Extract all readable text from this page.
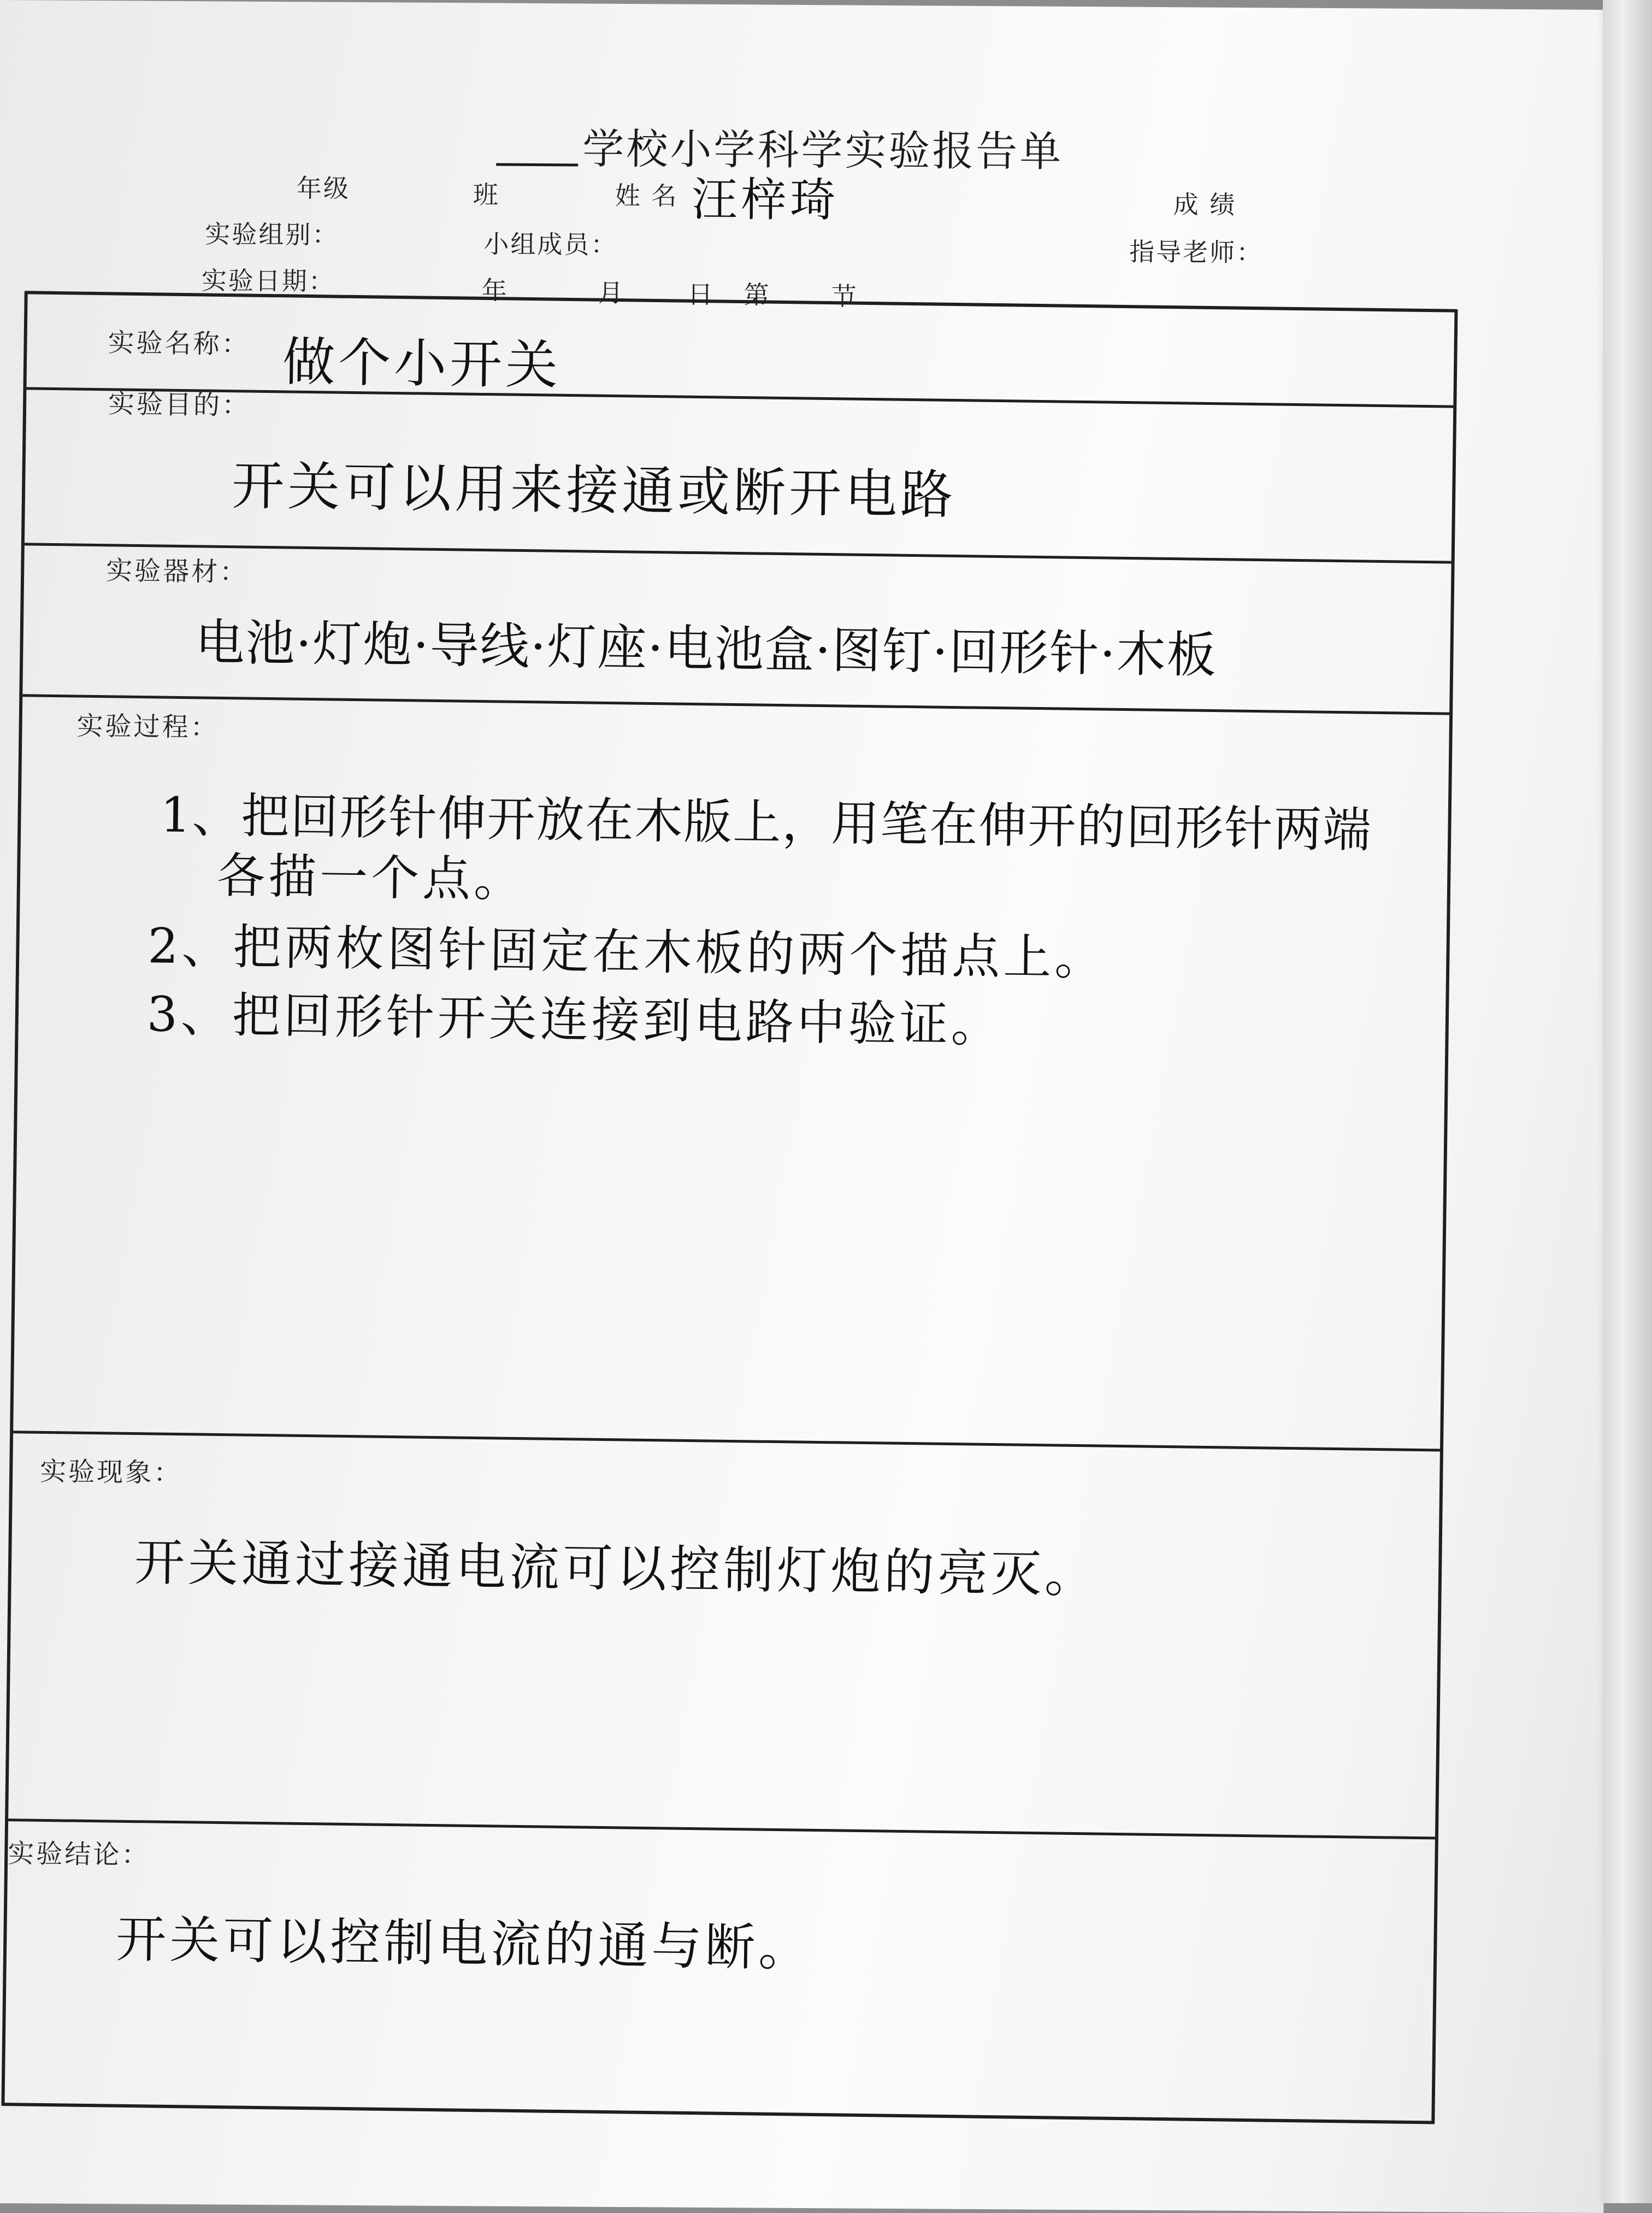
学校小学科学实验报告单
年级	班	姓 名 汪梓琦	成 绩
实验组别：	小组成员：	指导老师：
实验日期：	年	月 日 第 节
实验名称： 做个小开关
实验目的：
开关可以用来接通或断开电路
实验器材：
电池·灯炮·导线·灯座·电池盒·图钉·回形针·木板
实验过程：
1、把回形针伸开放在木版上，用笔在伸开的回形针两端
各描一个点。
2、把两枚图针固定在木板的两个描点上。
3、把回形针开关连接到电路中验证。
实验现象：
开关通过接通电流可以控制灯炮的亮灭。
实验结论：
开关可以控制电流的通与断。
